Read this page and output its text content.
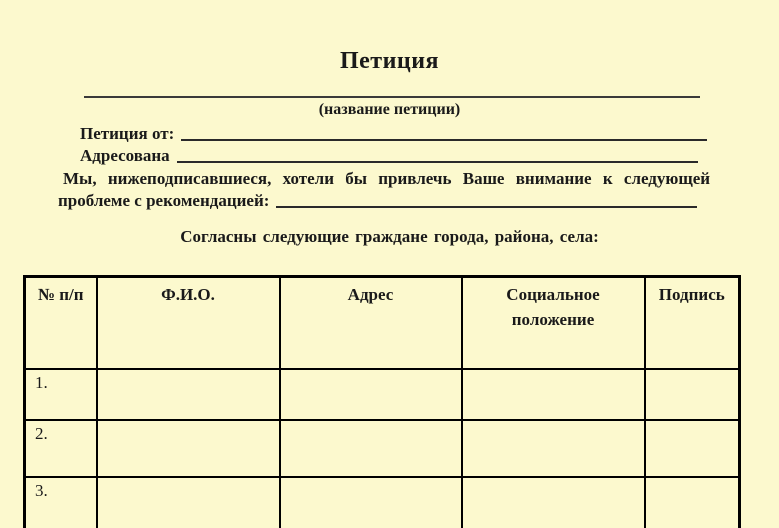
Петиция
(название петиции)
Петиция от:
Адресована
Мы, нижеподписавшиеся, хотели бы привлечь Ваше внимание к следующей
проблеме с рекомендацией:
Согласны следующие граждане города, района, села:
№ п/п	Ф.И.О.	Адрес	Социальное положение	Подпись
1.				
2.				
3.				
